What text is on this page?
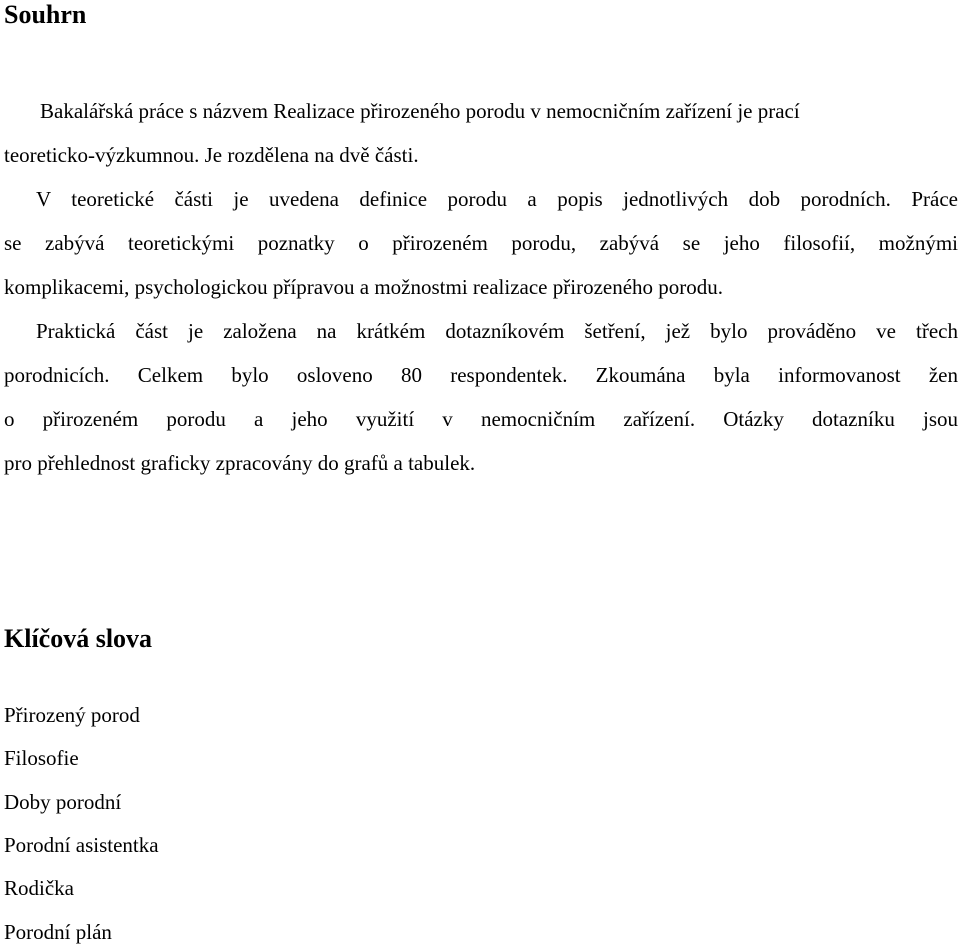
Souhrn
Bakalářská práce s názvem Realizace přirozeného porodu v nemocničním zařízení je prací
teoreticko-výzkumnou. Je rozdělena na dvě části.
V teoretické části je uvedena definice porodu a popis jednotlivých dob porodních. Práce
se zabývá teoretickými poznatky o přirozeném porodu, zabývá se jeho filosofií, možnými
komplikacemi, psychologickou přípravou a možnostmi realizace přirozeného porodu.
Praktická část je založena na krátkém dotazníkovém šetření, jež bylo prováděno ve třech
porodnicích. Celkem bylo osloveno 80 respondentek. Zkoumána byla informovanost žen
o přirozeném porodu a jeho využití v nemocničním zařízení. Otázky dotazníku jsou
pro přehlednost graficky zpracovány do grafů a tabulek.
Klíčová slova
Přirozený porod
Filosofie
Doby porodní
Porodní asistentka
Rodička
Porodní plán
